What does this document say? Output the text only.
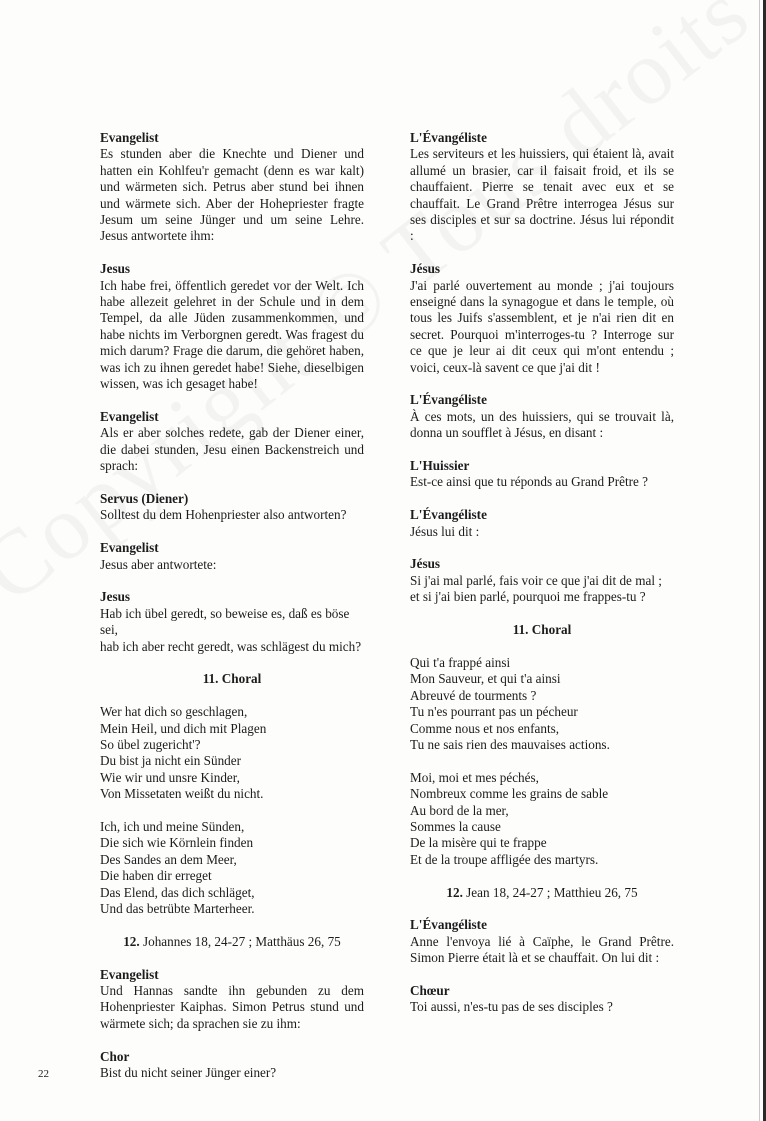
Evangelist

Es stunden aber die Knechte und Diener und hatten ein Kohlfeu'r gemacht (denn es war kalt) und wärmeten sich. Petrus aber stund bei ihnen und wärmete sich. Aber der Hohepriester fragte Jesum um seine Jünger und um seine Lehre. Jesus antwortete ihm:

Jesus

Ich habe frei, öffentlich geredet vor der Welt. Ich habe allezeit gelehret in der Schule und in dem Tempel, da alle Jüden zusammenkommen, und habe nichts im Verborgnen geredt. Was fragest du mich darum? Frage die darum, die gehöret haben, was ich zu ihnen geredet habe! Siehe, dieselbigen wissen, was ich gesaget habe!

Evangelist

Als er aber solches redete, gab der Diener einer, die dabei stunden, Jesu einen Backenstreich und sprach:

Servus (Diener)

Solltest du dem Hohenpriester also antworten?

Evangelist

Jesus aber antwortete:

Jesus

Hab ich übel geredt, so beweise es, daß es böse sei,
hab ich aber recht geredt, was schlägest du mich?

11. Choral

Wer hat dich so geschlagen,
Mein Heil, und dich mit Plagen
So übel zugericht'?
Du bist ja nicht ein Sünder
Wie wir und unsre Kinder,
Von Missetaten weißt du nicht.
Ich, ich und meine Sünden,
Die sich wie Körnlein finden
Des Sandes an dem Meer,
Die haben dir erreget
Das Elend, das dich schläget,
Und das betrübte Marterheer.

12. Johannes 18, 24-27 ; Matthäus 26, 75

Evangelist

Und Hannas sandte ihn gebunden zu dem Hohenpriester Kaiphas. Simon Petrus stund und wärmete sich; da sprachen sie zu ihm:

Chor

Bist du nicht seiner Jünger einer?

L'Évangéliste

Les serviteurs et les huissiers, qui étaient là, avait allumé un brasier, car il faisait froid, et ils se chauffaient. Pierre se tenait avec eux et se chauffait. Le Grand Prêtre interrogea Jésus sur ses disciples et sur sa doctrine. Jésus lui répondit :

Jésus

J'ai parlé ouvertement au monde ; j'ai toujours enseigné dans la synagogue et dans le temple, où tous les Juifs s'assemblent, et je n'ai rien dit en secret. Pourquoi m'interroges-tu ? Interroge sur ce que je leur ai dit ceux qui m'ont entendu ; voici, ceux-là savent ce que j'ai dit !

L'Évangéliste

À ces mots, un des huissiers, qui se trouvait là, donna un soufflet à Jésus, en disant :

L'Huissier

Est-ce ainsi que tu réponds au Grand Prêtre ?

L'Évangéliste

Jésus lui dit :

Jésus

Si j'ai mal parlé, fais voir ce que j'ai dit de mal ;
et si j'ai bien parlé, pourquoi me frappes-tu ?

11. Choral

Qui t'a frappé ainsi
Mon Sauveur, et qui t'a ainsi
Abreuvé de tourments ?
Tu n'es pourrant pas un pécheur
Comme nous et nos enfants,
Tu ne sais rien des mauvaises actions.
Moi, moi et mes péchés,
Nombreux comme les grains de sable
Au bord de la mer,
Sommes la cause
De la misère qui te frappe
Et de la troupe affligée des martyrs.

12. Jean 18, 24-27 ; Matthieu 26, 75

L'Évangéliste

Anne l'envoya lié à Caïphe, le Grand Prêtre. Simon Pierre était là et se chauffait. On lui dit :

Chœur

Toi aussi, n'es-tu pas de ses disciples ?

22
